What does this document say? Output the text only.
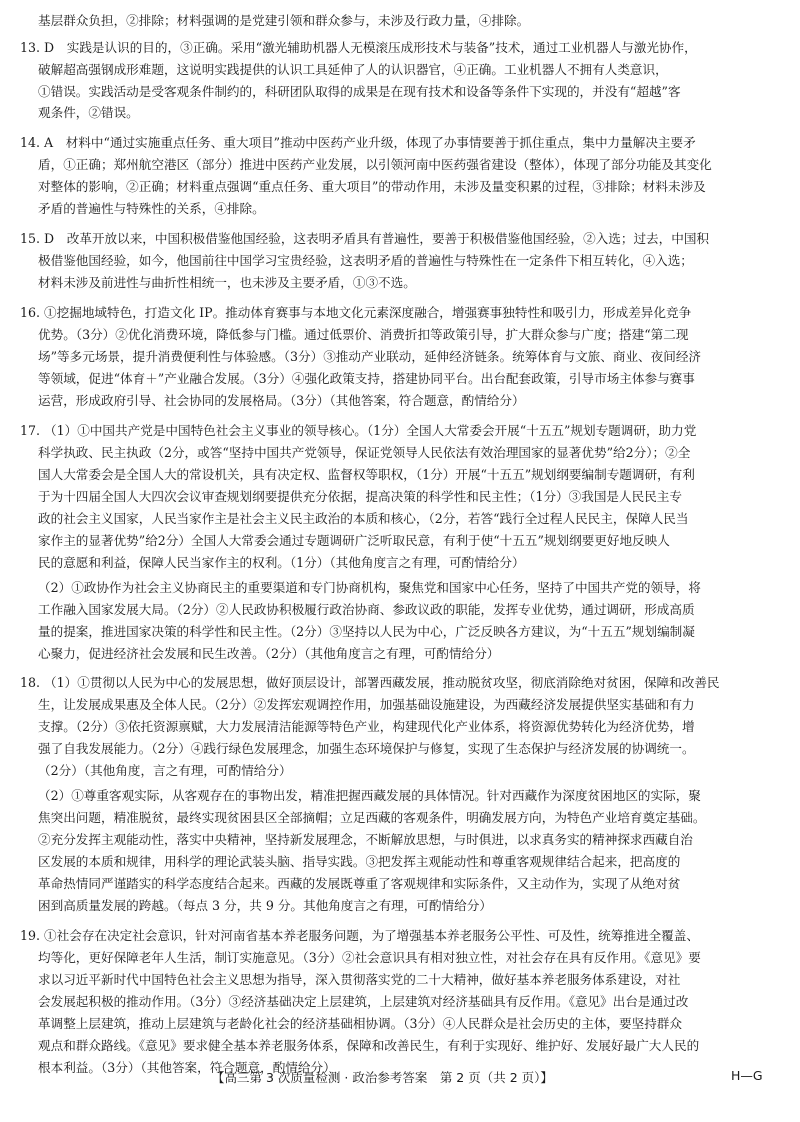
基层群众负担，②排除；材料强调的是党建引领和群众参与，未涉及行政力量，④排除。
13. D　实践是认识的目的，③正确。采用“激光辅助机器人无模滚压成形技术与装备”技术，通过工业机器人与激光协作，
破解超高强钢成形难题，这说明实践提供的认识工具延伸了人的认识器官，④正确。工业机器人不拥有人类意识，
①错误。实践活动是受客观条件制约的，科研团队取得的成果是在现有技术和设备等条件下实现的，并没有“超越”客
观条件，②错误。
14. A　材料中“通过实施重点任务、重大项目”推动中医药产业升级，体现了办事情要善于抓住重点，集中力量解决主要矛
盾，①正确；郑州航空港区（部分）推进中医药产业发展，以引领河南中医药强省建设（整体），体现了部分功能及其变化
对整体的影响，②正确；材料重点强调“重点任务、重大项目”的带动作用，未涉及量变积累的过程，③排除；材料未涉及
矛盾的普遍性与特殊性的关系，④排除。
15. D　改革开放以来，中国积极借鉴他国经验，这表明矛盾具有普遍性，要善于积极借鉴他国经验，②入选；过去，中国积
极借鉴他国经验，如今，他国前往中国学习宝贵经验，这表明矛盾的普遍性与特殊性在一定条件下相互转化，④入选；
材料未涉及前进性与曲折性相统一，也未涉及主要矛盾，①③不选。
16. ①挖掘地域特色，打造文化 IP。推动体育赛事与本地文化元素深度融合，增强赛事独特性和吸引力，形成差异化竞争
优势。（3分）②优化消费环境，降低参与门槛。通过低票价、消费折扣等政策引导，扩大群众参与广度；搭建“第二现
场”等多元场景，提升消费便利性与体验感。（3分）③推动产业联动，延伸经济链条。统筹体育与文旅、商业、夜间经济
等领域，促进“体育＋”产业融合发展。（3分）④强化政策支持，搭建协同平台。出台配套政策，引导市场主体参与赛事
运营，形成政府引导、社会协同的发展格局。（3分）（其他答案，符合题意，酌情给分）
17. （1）①中国共产党是中国特色社会主义事业的领导核心。（1分）全国人大常委会开展“十五五”规划专题调研，助力党
科学执政、民主执政（2分，或答“坚持中国共产党领导，保证党领导人民依法有效治理国家的显著优势”给2分）；②全
国人大常委会是全国人大的常设机关，具有决定权、监督权等职权，（1分）开展“十五五”规划纲要编制专题调研，有利
于为十四届全国人大四次会议审查规划纲要提供充分依据，提高决策的科学性和民主性；（1分）③我国是人民民主专
政的社会主义国家，人民当家作主是社会主义民主政治的本质和核心，（2分，若答“践行全过程人民民主，保障人民当
家作主的显著优势”给2分）全国人大常委会通过专题调研广泛听取民意，有利于使“十五五”规划纲要更好地反映人
民的意愿和利益，保障人民当家作主的权利。（1分）（其他角度言之有理，可酌情给分）
（2）①政协作为社会主义协商民主的重要渠道和专门协商机构，聚焦党和国家中心任务，坚持了中国共产党的领导，将
工作融入国家发展大局。（2分）②人民政协积极履行政治协商、参政议政的职能，发挥专业优势，通过调研，形成高质
量的提案，推进国家决策的科学性和民主性。（2分）③坚持以人民为中心，广泛反映各方建议，为“十五五”规划编制凝
心聚力，促进经济社会发展和民生改善。（2分）（其他角度言之有理，可酌情给分）
18. （1）①贯彻以人民为中心的发展思想，做好顶层设计，部署西藏发展，推动脱贫攻坚，彻底消除绝对贫困，保障和改善民
生，让发展成果惠及全体人民。（2分）②发挥宏观调控作用，加强基础设施建设，为西藏经济发展提供坚实基础和有力
支撑。（2分）③依托资源禀赋，大力发展清洁能源等特色产业，构建现代化产业体系，将资源优势转化为经济优势，增
强了自我发展能力。（2分）④践行绿色发展理念，加强生态环境保护与修复，实现了生态保护与经济发展的协调统一。
（2分）（其他角度，言之有理，可酌情给分）
（2）①尊重客观实际，从客观存在的事物出发，精准把握西藏发展的具体情况。针对西藏作为深度贫困地区的实际，聚
焦突出问题，精准脱贫，最终实现贫困县区全部摘帽；立足西藏的客观条件，明确发展方向，为特色产业培育奠定基础。
②充分发挥主观能动性，落实中央精神，坚持新发展理念，不断解放思想，与时俱进，以求真务实的精神探求西藏自治
区发展的本质和规律，用科学的理论武装头脑、指导实践。③把发挥主观能动性和尊重客观规律结合起来，把高度的
革命热情同严谨踏实的科学态度结合起来。西藏的发展既尊重了客观规律和实际条件，又主动作为，实现了从绝对贫
困到高质量发展的跨越。（每点 3 分，共 9 分。其他角度言之有理，可酌情给分）
19. ①社会存在决定社会意识，针对河南省基本养老服务问题，为了增强基本养老服务公平性、可及性，统筹推进全覆盖、
均等化，更好保障老年人生活，制订实施意见。（3分）②社会意识具有相对独立性，对社会存在具有反作用。《意见》要
求以习近平新时代中国特色社会主义思想为指导，深入贯彻落实党的二十大精神，做好基本养老服务体系建设，对社
会发展起积极的推动作用。（3分）③经济基础决定上层建筑，上层建筑对经济基础具有反作用。《意见》出台是通过改
革调整上层建筑，推动上层建筑与老龄化社会的经济基础相协调。（3分）④人民群众是社会历史的主体，要坚持群众
观点和群众路线。《意见》要求健全基本养老服务体系，保障和改善民生，有利于实现好、维护好、发展好最广大人民的
根本利益。（3分）（其他答案，符合题意，酌情给分）
【高三第 3 次质量检测 · 政治参考答案　第 2 页（共 2 页）】	H—G
